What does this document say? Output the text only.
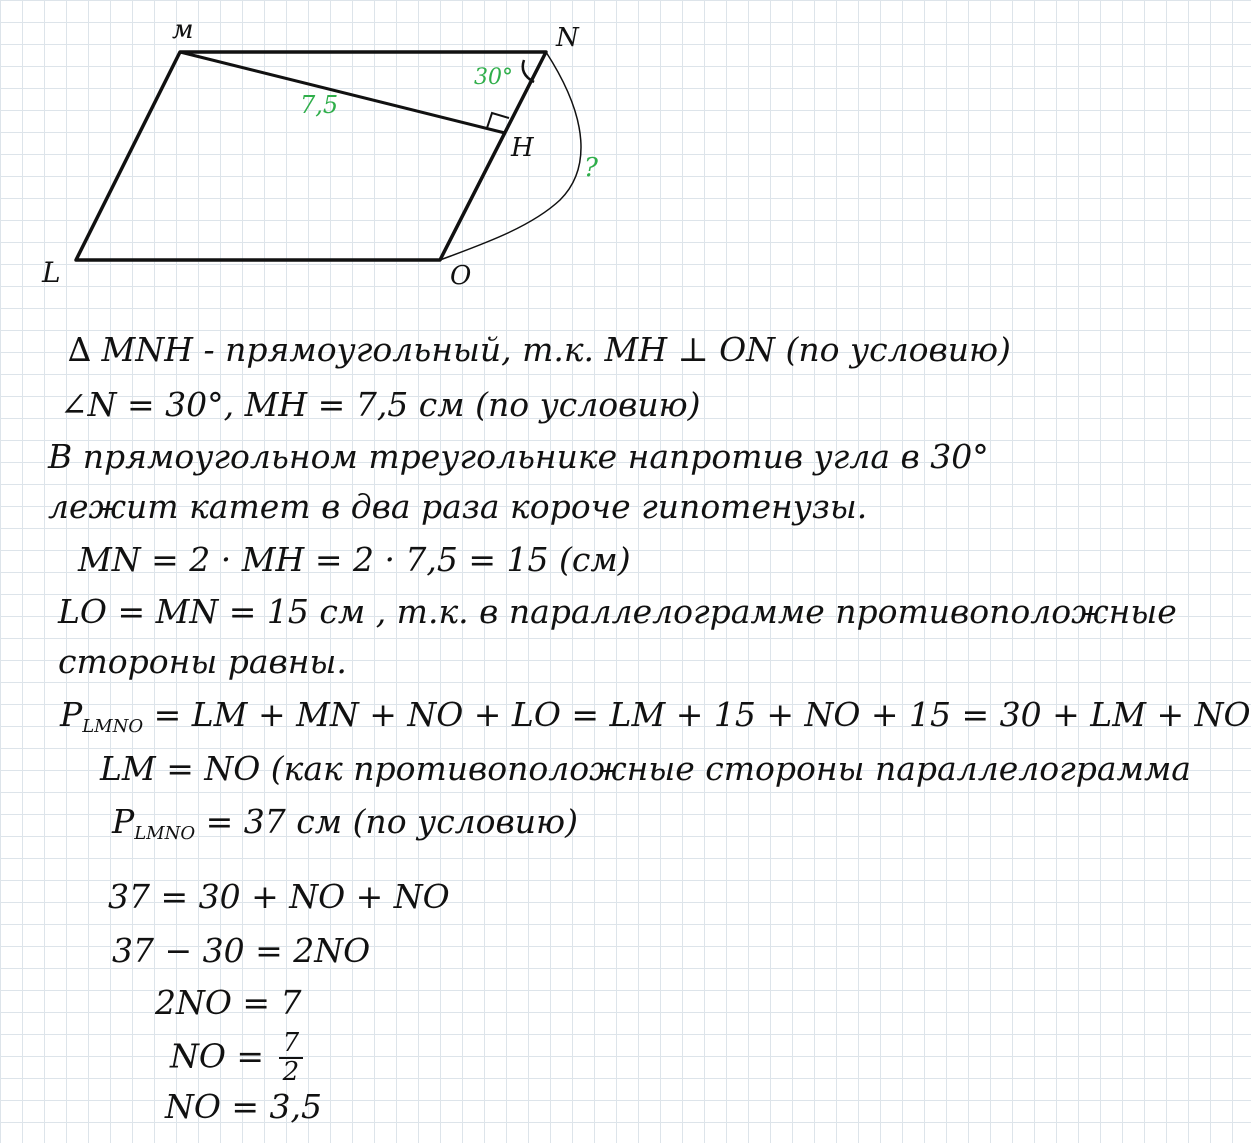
м	N
H
L	O
7,5
30°
?
∆ MNH - прямоугольный, т.к. MH ⊥ ON (по условию)
∠N = 30°, MH = 7,5 см (по условию)
В прямоугольном треугольнике напротив угла в 30°
лежит катет в два раза короче гипотенузы.
MN = 2 · MH = 2 · 7,5 = 15 (см)
LO = MN = 15 см , т.к. в параллелограмме противоположные
стороны равны.
$P_{LMNO}$ = LM + MN + NO + LO = LM + 15 + NO + 15 = 30 + LM + NO
LM = NO (как противоположные стороны параллелограмма
$P_{LMNO} = 37$ см (по условию)
37 = 30 + NO + NO
37 − 30 = 2NO
2NO = 7
NO = $\frac{7}{2}$
NO = 3,5
